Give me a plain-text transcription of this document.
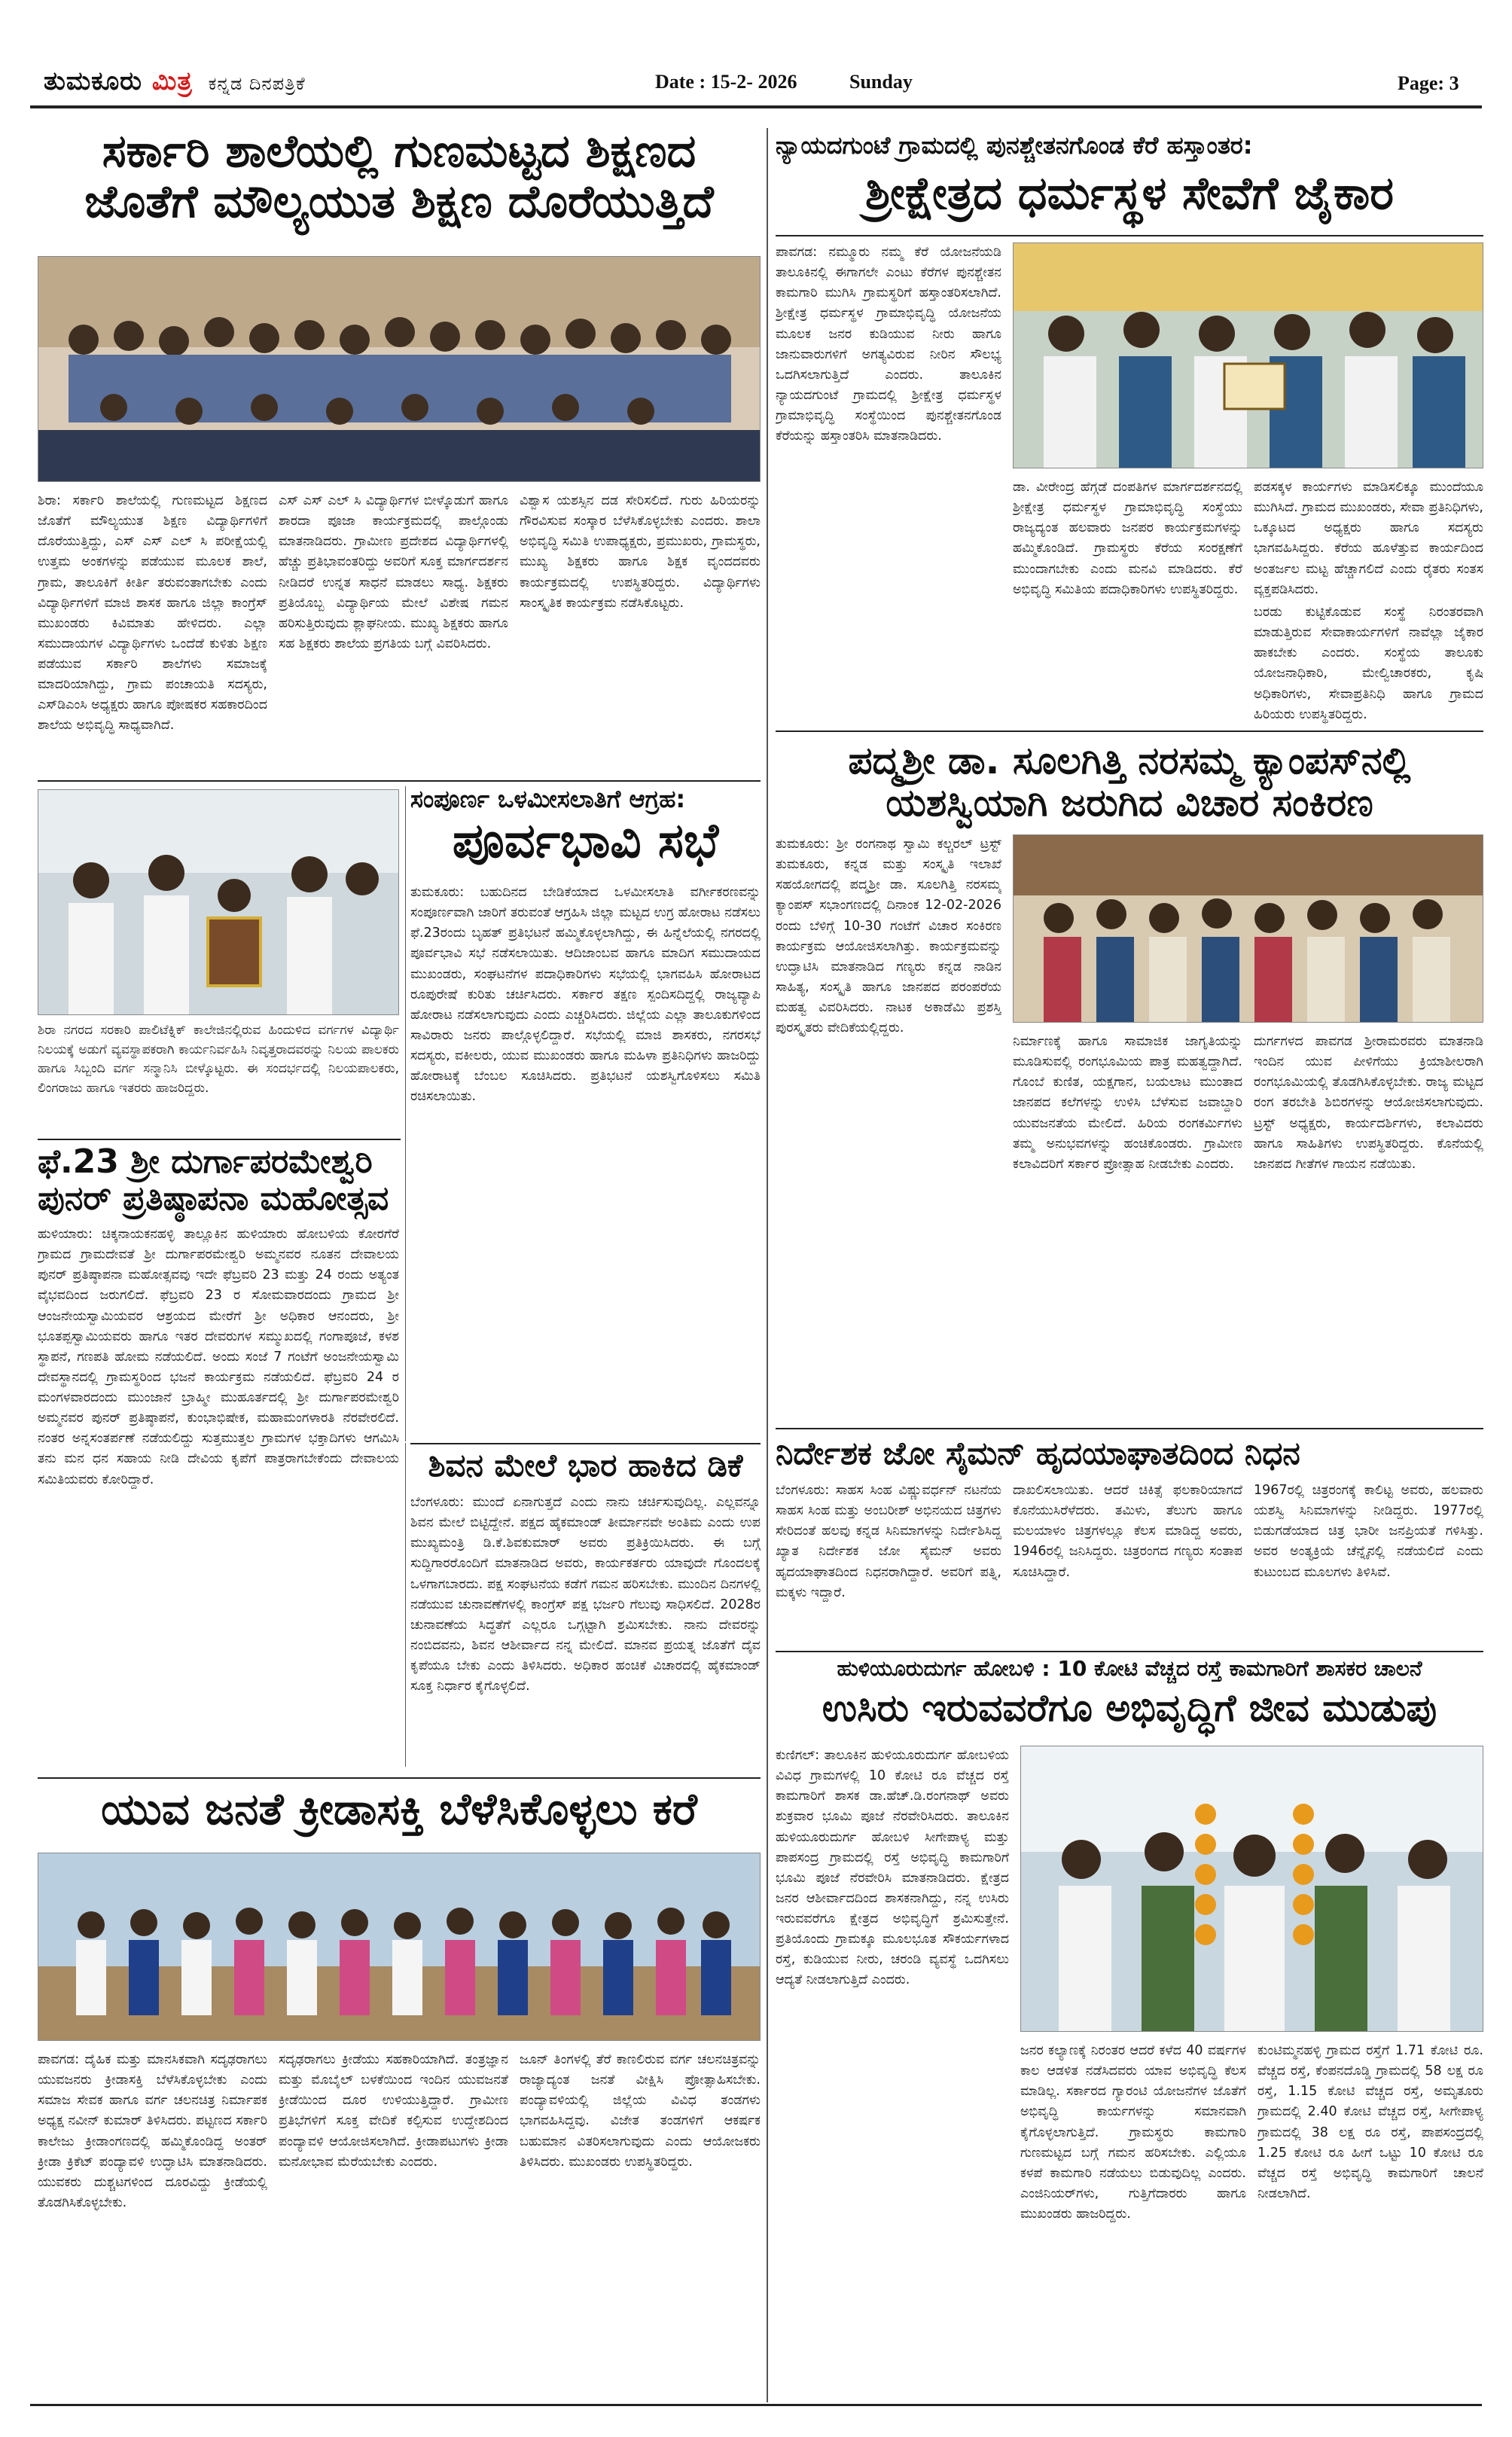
ತುಮಕೂರು ಮಿತ್ರ ಕನ್ನಡ ದಿನಪತ್ರಿಕೆ	Date : 15-2- 2026	Sunday	Page: 3
ಸರ್ಕಾರಿ ಶಾಲೆಯಲ್ಲಿ ಗುಣಮಟ್ಟದ ಶಿಕ್ಷಣದ
ಜೊತೆಗೆ ಮೌಲ್ಯಯುತ ಶಿಕ್ಷಣ ದೊರೆಯುತ್ತಿದೆ
ಶಿರಾ: ಸರ್ಕಾರಿ ಶಾಲೆಯಲ್ಲಿ ಗುಣಮಟ್ಟದ ಶಿಕ್ಷಣದ ಜೊತೆಗೆ ಮೌಲ್ಯಯುತ ಶಿಕ್ಷಣ ವಿದ್ಯಾರ್ಥಿಗಳಿಗೆ ದೊರೆಯುತ್ತಿದ್ದು, ಎಸ್ ಎಸ್ ಎಲ್ ಸಿ ಪರೀಕ್ಷೆಯಲ್ಲಿ ಉತ್ತಮ ಅಂಕಗಳನ್ನು ಪಡೆಯುವ ಮೂಲಕ ಶಾಲೆ, ಗ್ರಾಮ, ತಾಲೂಕಿಗೆ ಕೀರ್ತಿ ತರುವಂತಾಗಬೇಕು ಎಂದು ವಿದ್ಯಾರ್ಥಿಗಳಿಗೆ ಮಾಜಿ ಶಾಸಕ ಹಾಗೂ ಜಿಲ್ಲಾ ಕಾಂಗ್ರೆಸ್ ಮುಖಂಡರು ಕಿವಿಮಾತು ಹೇಳಿದರು. ಎಲ್ಲಾ ಸಮುದಾಯಗಳ ವಿದ್ಯಾರ್ಥಿಗಳು ಒಂದೆಡೆ ಕುಳಿತು ಶಿಕ್ಷಣ ಪಡೆಯುವ ಸರ್ಕಾರಿ ಶಾಲೆಗಳು ಸಮಾಜಕ್ಕೆ ಮಾದರಿಯಾಗಿದ್ದು, ಗ್ರಾಮ ಪಂಚಾಯತಿ ಸದಸ್ಯರು, ಎಸ್‌ಡಿಎಂಸಿ ಅಧ್ಯಕ್ಷರು ಹಾಗೂ ಪೋಷಕರ ಸಹಕಾರದಿಂದ ಶಾಲೆಯ ಅಭಿವೃದ್ಧಿ ಸಾಧ್ಯವಾಗಿದೆ.
ಎಸ್ ಎಸ್ ಎಲ್ ಸಿ ವಿದ್ಯಾರ್ಥಿಗಳ ಬೀಳ್ಕೊಡುಗೆ ಹಾಗೂ ಶಾರದಾ ಪೂಜಾ ಕಾರ್ಯಕ್ರಮದಲ್ಲಿ ಪಾಲ್ಗೊಂಡು ಮಾತನಾಡಿದರು. ಗ್ರಾಮೀಣ ಪ್ರದೇಶದ ವಿದ್ಯಾರ್ಥಿಗಳಲ್ಲಿ ಹೆಚ್ಚು ಪ್ರತಿಭಾವಂತರಿದ್ದು ಅವರಿಗೆ ಸೂಕ್ತ ಮಾರ್ಗದರ್ಶನ ನೀಡಿದರೆ ಉನ್ನತ ಸಾಧನೆ ಮಾಡಲು ಸಾಧ್ಯ. ಶಿಕ್ಷಕರು ಪ್ರತಿಯೊಬ್ಬ ವಿದ್ಯಾರ್ಥಿಯ ಮೇಲೆ ವಿಶೇಷ ಗಮನ ಹರಿಸುತ್ತಿರುವುದು ಶ್ಲಾಘನೀಯ. ಮುಖ್ಯ ಶಿಕ್ಷಕರು ಹಾಗೂ ಸಹ ಶಿಕ್ಷಕರು ಶಾಲೆಯ ಪ್ರಗತಿಯ ಬಗ್ಗೆ ವಿವರಿಸಿದರು.
ವಿಶ್ವಾಸ ಯಶಸ್ಸಿನ ದಡ ಸೇರಿಸಲಿದೆ. ಗುರು ಹಿರಿಯರನ್ನು ಗೌರವಿಸುವ ಸಂಸ್ಕಾರ ಬೆಳೆಸಿಕೊಳ್ಳಬೇಕು ಎಂದರು. ಶಾಲಾ ಅಭಿವೃದ್ಧಿ ಸಮಿತಿ ಉಪಾಧ್ಯಕ್ಷರು, ಪ್ರಮುಖರು, ಗ್ರಾಮಸ್ಥರು, ಮುಖ್ಯ ಶಿಕ್ಷಕರು ಹಾಗೂ ಶಿಕ್ಷಕ ವೃಂದದವರು ಕಾರ್ಯಕ್ರಮದಲ್ಲಿ ಉಪಸ್ಥಿತರಿದ್ದರು. ವಿದ್ಯಾರ್ಥಿಗಳು ಸಾಂಸ್ಕೃತಿಕ ಕಾರ್ಯಕ್ರಮ ನಡೆಸಿಕೊಟ್ಟರು.
ನ್ಯಾಯದಗುಂಟೆ ಗ್ರಾಮದಲ್ಲಿ ಪುನಶ್ಚೇತನಗೊಂಡ ಕೆರೆ ಹಸ್ತಾಂತರ:
ಶ್ರೀಕ್ಷೇತ್ರದ ಧರ್ಮಸ್ಥಳ ಸೇವೆಗೆ ಜೈಕಾರ
ಪಾವಗಡ: ನಮ್ಮೂರು ನಮ್ಮ ಕೆರೆ ಯೋಜನೆಯಡಿ ತಾಲೂಕಿನಲ್ಲಿ ಈಗಾಗಲೇ ಎಂಟು ಕೆರೆಗಳ ಪುನಶ್ಚೇತನ ಕಾಮಗಾರಿ ಮುಗಿಸಿ ಗ್ರಾಮಸ್ಥರಿಗೆ ಹಸ್ತಾಂತರಿಸಲಾಗಿದೆ. ಶ್ರೀಕ್ಷೇತ್ರ ಧರ್ಮಸ್ಥಳ ಗ್ರಾಮಾಭಿವೃದ್ಧಿ ಯೋಜನೆಯ ಮೂಲಕ ಜನರ ಕುಡಿಯುವ ನೀರು ಹಾಗೂ ಜಾನುವಾರುಗಳಿಗೆ ಅಗತ್ಯವಿರುವ ನೀರಿನ ಸೌಲಭ್ಯ ಒದಗಿಸಲಾಗುತ್ತಿದೆ ಎಂದರು. ತಾಲೂಕಿನ ನ್ಯಾಯದಗುಂಟೆ ಗ್ರಾಮದಲ್ಲಿ ಶ್ರೀಕ್ಷೇತ್ರ ಧರ್ಮಸ್ಥಳ ಗ್ರಾಮಾಭಿವೃದ್ಧಿ ಸಂಸ್ಥೆಯಿಂದ ಪುನಶ್ಚೇತನಗೊಂಡ ಕೆರೆಯನ್ನು ಹಸ್ತಾಂತರಿಸಿ ಮಾತನಾಡಿದರು.
ಡಾ. ವೀರೇಂದ್ರ ಹೆಗ್ಗಡೆ ದಂಪತಿಗಳ ಮಾರ್ಗದರ್ಶನದಲ್ಲಿ ಶ್ರೀಕ್ಷೇತ್ರ ಧರ್ಮಸ್ಥಳ ಗ್ರಾಮಾಭಿವೃದ್ಧಿ ಸಂಸ್ಥೆಯು ರಾಜ್ಯದ್ಯಂತ ಹಲವಾರು ಜನಪರ ಕಾರ್ಯಕ್ರಮಗಳನ್ನು ಹಮ್ಮಿಕೊಂಡಿದೆ. ಗ್ರಾಮಸ್ಥರು ಕೆರೆಯ ಸಂರಕ್ಷಣೆಗೆ ಮುಂದಾಗಬೇಕು ಎಂದು ಮನವಿ ಮಾಡಿದರು. ಕೆರೆ ಅಭಿವೃದ್ಧಿ ಸಮಿತಿಯ ಪದಾಧಿಕಾರಿಗಳು ಉಪಸ್ಥಿತರಿದ್ದರು.
ಪಡಸಕ್ಕಳ ಕಾರ್ಯಗಳು ಮಾಡಿಸಲಿಕ್ಕೂ ಮುಂದೆಯೂ ಮುಗಿಸಿದೆ. ಗ್ರಾಮದ ಮುಖಂಡರು, ಸೇವಾ ಪ್ರತಿನಿಧಿಗಳು, ಒಕ್ಕೂಟದ ಅಧ್ಯಕ್ಷರು ಹಾಗೂ ಸದಸ್ಯರು ಭಾಗವಹಿಸಿದ್ದರು. ಕೆರೆಯ ಹೂಳೆತ್ತುವ ಕಾರ್ಯದಿಂದ ಅಂತರ್ಜಲ ಮಟ್ಟ ಹೆಚ್ಚಾಗಲಿದೆ ಎಂದು ರೈತರು ಸಂತಸ ವ್ಯಕ್ತಪಡಿಸಿದರು.
ಬರಡು ಕುಟ್ಟಿಕೊಡುವ ಸಂಸ್ಥೆ ನಿರಂತರವಾಗಿ ಮಾಡುತ್ತಿರುವ ಸೇವಾಕಾರ್ಯಗಳಿಗೆ ನಾವೆಲ್ಲಾ ಜೈಕಾರ ಹಾಕಬೇಕು ಎಂದರು. ಸಂಸ್ಥೆಯ ತಾಲೂಕು ಯೋಜನಾಧಿಕಾರಿ, ಮೇಲ್ವಿಚಾರಕರು, ಕೃಷಿ ಅಧಿಕಾರಿಗಳು, ಸೇವಾಪ್ರತಿನಿಧಿ ಹಾಗೂ ಗ್ರಾಮದ ಹಿರಿಯರು ಉಪಸ್ಥಿತರಿದ್ದರು.
ಪದ್ಮಶ್ರೀ ಡಾ. ಸೂಲಗಿತ್ತಿ ನರಸಮ್ಮ ಕ್ಯಾಂಪಸ್‌ನಲ್ಲಿ
ಯಶಸ್ವಿಯಾಗಿ ಜರುಗಿದ ವಿಚಾರ ಸಂಕಿರಣ
ತುಮಕೂರು: ಶ್ರೀ ರಂಗನಾಥ ಸ್ವಾಮಿ ಕಲ್ಚರಲ್ ಟ್ರಸ್ಟ್ ತುಮಕೂರು, ಕನ್ನಡ ಮತ್ತು ಸಂಸ್ಕೃತಿ ಇಲಾಖೆ ಸಹಯೋಗದಲ್ಲಿ ಪದ್ಮಶ್ರೀ ಡಾ. ಸೂಲಗಿತ್ತಿ ನರಸಮ್ಮ ಕ್ಯಾಂಪಸ್ ಸಭಾಂಗಣದಲ್ಲಿ ದಿನಾಂಕ 12-02-2026 ರಂದು ಬೆಳಿಗ್ಗೆ 10-30 ಗಂಟೆಗೆ ವಿಚಾರ ಸಂಕಿರಣ ಕಾರ್ಯಕ್ರಮ ಆಯೋಜಿಸಲಾಗಿತ್ತು. ಕಾರ್ಯಕ್ರಮವನ್ನು ಉದ್ಘಾಟಿಸಿ ಮಾತನಾಡಿದ ಗಣ್ಯರು ಕನ್ನಡ ನಾಡಿನ ಸಾಹಿತ್ಯ, ಸಂಸ್ಕೃತಿ ಹಾಗೂ ಜಾನಪದ ಪರಂಪರೆಯ ಮಹತ್ವ ವಿವರಿಸಿದರು. ನಾಟಕ ಅಕಾಡೆಮಿ ಪ್ರಶಸ್ತಿ ಪುರಸ್ಕೃತರು ವೇದಿಕೆಯಲ್ಲಿದ್ದರು.
ನಿರ್ಮಾಣಕ್ಕೆ ಹಾಗೂ ಸಾಮಾಜಿಕ ಜಾಗೃತಿಯನ್ನು ಮೂಡಿಸುವಲ್ಲಿ ರಂಗಭೂಮಿಯ ಪಾತ್ರ ಮಹತ್ವದ್ದಾಗಿದೆ. ಗೊಂಬೆ ಕುಣಿತ, ಯಕ್ಷಗಾನ, ಬಯಲಾಟ ಮುಂತಾದ ಜಾನಪದ ಕಲೆಗಳನ್ನು ಉಳಿಸಿ ಬೆಳೆಸುವ ಜವಾಬ್ದಾರಿ ಯುವಜನತೆಯ ಮೇಲಿದೆ. ಹಿರಿಯ ರಂಗಕರ್ಮಿಗಳು ತಮ್ಮ ಅನುಭವಗಳನ್ನು ಹಂಚಿಕೊಂಡರು. ಗ್ರಾಮೀಣ ಕಲಾವಿದರಿಗೆ ಸರ್ಕಾರ ಪ್ರೋತ್ಸಾಹ ನೀಡಬೇಕು ಎಂದರು.
ದುರ್ಗಗಳದ ಪಾವಗಡ ಶ್ರೀರಾಮರವರು ಮಾತನಾಡಿ ಇಂದಿನ ಯುವ ಪೀಳಿಗೆಯು ಕ್ರಿಯಾಶೀಲರಾಗಿ ರಂಗಭೂಮಿಯಲ್ಲಿ ತೊಡಗಿಸಿಕೊಳ್ಳಬೇಕು. ರಾಜ್ಯ ಮಟ್ಟದ ರಂಗ ತರಬೇತಿ ಶಿಬಿರಗಳನ್ನು ಆಯೋಜಿಸಲಾಗುವುದು. ಟ್ರಸ್ಟ್ ಅಧ್ಯಕ್ಷರು, ಕಾರ್ಯದರ್ಶಿಗಳು, ಕಲಾವಿದರು ಹಾಗೂ ಸಾಹಿತಿಗಳು ಉಪಸ್ಥಿತರಿದ್ದರು. ಕೊನೆಯಲ್ಲಿ ಜಾನಪದ ಗೀತೆಗಳ ಗಾಯನ ನಡೆಯಿತು.
ಶಿರಾ ನಗರದ ಸರಕಾರಿ ಪಾಲಿಟೆಕ್ನಿಕ್ ಕಾಲೇಜಿನಲ್ಲಿರುವ ಹಿಂದುಳಿದ ವರ್ಗಗಳ ವಿದ್ಯಾರ್ಥಿ ನಿಲಯಕ್ಕೆ ಅಡುಗೆ ವ್ಯವಸ್ಥಾಪಕರಾಗಿ ಕಾರ್ಯನಿರ್ವಹಿಸಿ ನಿವೃತ್ತರಾದವರನ್ನು ನಿಲಯ ಪಾಲಕರು ಹಾಗೂ ಸಿಬ್ಬಂದಿ ವರ್ಗ ಸನ್ಮಾನಿಸಿ ಬೀಳ್ಕೊಟ್ಟರು. ಈ ಸಂದರ್ಭದಲ್ಲಿ ನಿಲಯಪಾಲಕರು, ಲಿಂಗರಾಜು ಹಾಗೂ ಇತರರು ಹಾಜರಿದ್ದರು.
ಸಂಪೂರ್ಣ ಒಳಮೀಸಲಾತಿಗೆ ಆಗ್ರಹ:
ಪೂರ್ವಭಾವಿ ಸಭೆ
ತುಮಕೂರು: ಬಹುದಿನದ ಬೇಡಿಕೆಯಾದ ಒಳಮೀಸಲಾತಿ ವರ್ಗೀಕರಣವನ್ನು ಸಂಪೂರ್ಣವಾಗಿ ಜಾರಿಗೆ ತರುವಂತೆ ಆಗ್ರಹಿಸಿ ಜಿಲ್ಲಾ ಮಟ್ಟದ ಉಗ್ರ ಹೋರಾಟ ನಡೆಸಲು ಫೆ.23ರಂದು ಬೃಹತ್ ಪ್ರತಿಭಟನೆ ಹಮ್ಮಿಕೊಳ್ಳಲಾಗಿದ್ದು, ಈ ಹಿನ್ನೆಲೆಯಲ್ಲಿ ನಗರದಲ್ಲಿ ಪೂರ್ವಭಾವಿ ಸಭೆ ನಡೆಸಲಾಯಿತು. ಆದಿಜಾಂಬವ ಹಾಗೂ ಮಾದಿಗ ಸಮುದಾಯದ ಮುಖಂಡರು, ಸಂಘಟನೆಗಳ ಪದಾಧಿಕಾರಿಗಳು ಸಭೆಯಲ್ಲಿ ಭಾಗವಹಿಸಿ ಹೋರಾಟದ ರೂಪುರೇಷೆ ಕುರಿತು ಚರ್ಚಿಸಿದರು. ಸರ್ಕಾರ ತಕ್ಷಣ ಸ್ಪಂದಿಸದಿದ್ದಲ್ಲಿ ರಾಜ್ಯವ್ಯಾಪಿ ಹೋರಾಟ ನಡೆಸಲಾಗುವುದು ಎಂದು ಎಚ್ಚರಿಸಿದರು. ಜಿಲ್ಲೆಯ ಎಲ್ಲಾ ತಾಲೂಕುಗಳಿಂದ ಸಾವಿರಾರು ಜನರು ಪಾಲ್ಗೊಳ್ಳಲಿದ್ದಾರೆ. ಸಭೆಯಲ್ಲಿ ಮಾಜಿ ಶಾಸಕರು, ನಗರಸಭೆ ಸದಸ್ಯರು, ವಕೀಲರು, ಯುವ ಮುಖಂಡರು ಹಾಗೂ ಮಹಿಳಾ ಪ್ರತಿನಿಧಿಗಳು ಹಾಜರಿದ್ದು ಹೋರಾಟಕ್ಕೆ ಬೆಂಬಲ ಸೂಚಿಸಿದರು. ಪ್ರತಿಭಟನೆ ಯಶಸ್ವಿಗೊಳಿಸಲು ಸಮಿತಿ ರಚಿಸಲಾಯಿತು.
ಫೆ.23 ಶ್ರೀ ದುರ್ಗಾಪರಮೇಶ್ವರಿ
ಪುನರ್ ಪ್ರತಿಷ್ಠಾಪನಾ ಮಹೋತ್ಸವ
ಹುಳಿಯಾರು: ಚಿಕ್ಕನಾಯಕನಹಳ್ಳಿ ತಾಲ್ಲೂಕಿನ ಹುಳಿಯಾರು ಹೋಬಳಿಯ ಕೋರಗೆರೆ ಗ್ರಾಮದ ಗ್ರಾಮದೇವತೆ ಶ್ರೀ ದುರ್ಗಾಪರಮೇಶ್ವರಿ ಅಮ್ಮನವರ ನೂತನ ದೇವಾಲಯ ಪುನರ್ ಪ್ರತಿಷ್ಠಾಪನಾ ಮಹೋತ್ಸವವು ಇದೇ ಫೆಬ್ರವರಿ 23 ಮತ್ತು 24 ರಂದು ಅತ್ಯಂತ ವೈಭವದಿಂದ ಜರುಗಲಿದೆ. ಫೆಬ್ರವರಿ 23 ರ ಸೋಮವಾರದಂದು ಗ್ರಾಮದ ಶ್ರೀ ಆಂಜನೇಯಸ್ವಾಮಿಯವರ ಆಶ್ರಯದ ಮೇರೆಗೆ ಶ್ರೀ ಅಧಿಕಾರ ಆನಂದರು, ಶ್ರೀ ಭೂತಪ್ಪಸ್ವಾಮಿಯವರು ಹಾಗೂ ಇತರ ದೇವರುಗಳ ಸಮ್ಮುಖದಲ್ಲಿ ಗಂಗಾಪೂಜೆ, ಕಳಶ ಸ್ಥಾಪನೆ, ಗಣಪತಿ ಹೋಮ ನಡೆಯಲಿದೆ. ಅಂದು ಸಂಜೆ 7 ಗಂಟೆಗೆ ಅಂಜನೇಯಸ್ವಾಮಿ ದೇವಸ್ಥಾನದಲ್ಲಿ ಗ್ರಾಮಸ್ಥರಿಂದ ಭಜನೆ ಕಾರ್ಯಕ್ರಮ ನಡೆಯಲಿದೆ. ಫೆಬ್ರವರಿ 24 ರ ಮಂಗಳವಾರದಂದು ಮುಂಜಾನೆ ಬ್ರಾಹ್ಮೀ ಮುಹೂರ್ತದಲ್ಲಿ ಶ್ರೀ ದುರ್ಗಾಪರಮೇಶ್ವರಿ ಅಮ್ಮನವರ ಪುನರ್ ಪ್ರತಿಷ್ಠಾಪನೆ, ಕುಂಭಾಭಿಷೇಕ, ಮಹಾಮಂಗಳಾರತಿ ನೆರವೇರಲಿದೆ. ನಂತರ ಅನ್ನಸಂತರ್ಪಣೆ ನಡೆಯಲಿದ್ದು ಸುತ್ತಮುತ್ತಲ ಗ್ರಾಮಗಳ ಭಕ್ತಾದಿಗಳು ಆಗಮಿಸಿ ತನು ಮನ ಧನ ಸಹಾಯ ನೀಡಿ ದೇವಿಯ ಕೃಪೆಗೆ ಪಾತ್ರರಾಗಬೇಕೆಂದು ದೇವಾಲಯ ಸಮಿತಿಯವರು ಕೋರಿದ್ದಾರೆ.	ಶಿವನ ಮೇಲೆ ಭಾರ ಹಾಕಿದ ಡಿಕೆ
ಬೆಂಗಳೂರು: ಮುಂದೆ ಏನಾಗುತ್ತದೆ ಎಂದು ನಾನು ಚರ್ಚಿಸುವುದಿಲ್ಲ. ಎಲ್ಲವನ್ನೂ ಶಿವನ ಮೇಲೆ ಬಿಟ್ಟಿದ್ದೇನೆ. ಪಕ್ಷದ ಹೈಕಮಾಂಡ್ ತೀರ್ಮಾನವೇ ಅಂತಿಮ ಎಂದು ಉಪ ಮುಖ್ಯಮಂತ್ರಿ ಡಿ.ಕೆ.ಶಿವಕುಮಾರ್ ಅವರು ಪ್ರತಿಕ್ರಿಯಿಸಿದರು. ಈ ಬಗ್ಗೆ ಸುದ್ದಿಗಾರರೊಂದಿಗೆ ಮಾತನಾಡಿದ ಅವರು, ಕಾರ್ಯಕರ್ತರು ಯಾವುದೇ ಗೊಂದಲಕ್ಕೆ ಒಳಗಾಗಬಾರದು. ಪಕ್ಷ ಸಂಘಟನೆಯ ಕಡೆಗೆ ಗಮನ ಹರಿಸಬೇಕು. ಮುಂದಿನ ದಿನಗಳಲ್ಲಿ ನಡೆಯುವ ಚುನಾವಣೆಗಳಲ್ಲಿ ಕಾಂಗ್ರೆಸ್ ಪಕ್ಷ ಭರ್ಜರಿ ಗೆಲುವು ಸಾಧಿಸಲಿದೆ. 2028ರ ಚುನಾವಣೆಯ ಸಿದ್ಧತೆಗೆ ಎಲ್ಲರೂ ಒಗ್ಗಟ್ಟಾಗಿ ಶ್ರಮಿಸಬೇಕು. ನಾನು ದೇವರನ್ನು ನಂಬಿದವನು, ಶಿವನ ಆಶೀರ್ವಾದ ನನ್ನ ಮೇಲಿದೆ. ಮಾನವ ಪ್ರಯತ್ನ ಜೊತೆಗೆ ದೈವ ಕೃಪೆಯೂ ಬೇಕು ಎಂದು ತಿಳಿಸಿದರು. ಅಧಿಕಾರ ಹಂಚಿಕೆ ವಿಚಾರದಲ್ಲಿ ಹೈಕಮಾಂಡ್ ಸೂಕ್ತ ನಿರ್ಧಾರ ಕೈಗೊಳ್ಳಲಿದೆ.
ನಿರ್ದೇಶಕ ಜೋ ಸೈಮನ್ ಹೃದಯಾಘಾತದಿಂದ ನಿಧನ
ಬೆಂಗಳೂರು: ಸಾಹಸ ಸಿಂಹ ವಿಷ್ಣುವರ್ಧನ್ ನಟನೆಯ ಸಾಹಸ ಸಿಂಹ ಮತ್ತು ಅಂಬರೀಶ್ ಅಭಿನಯದ ಚಿತ್ರಗಳು ಸೇರಿದಂತೆ ಹಲವು ಕನ್ನಡ ಸಿನಿಮಾಗಳನ್ನು ನಿರ್ದೇಶಿಸಿದ್ದ ಖ್ಯಾತ ನಿರ್ದೇಶಕ ಜೋ ಸೈಮನ್ ಅವರು ಹೃದಯಾಘಾತದಿಂದ ನಿಧನರಾಗಿದ್ದಾರೆ. ಅವರಿಗೆ ಪತ್ನಿ, ಮಕ್ಕಳು ಇದ್ದಾರೆ.
ದಾಖಲಿಸಲಾಯಿತು. ಆದರೆ ಚಿಕಿತ್ಸೆ ಫಲಕಾರಿಯಾಗದೆ ಕೊನೆಯುಸಿರೆಳೆದರು. ತಮಿಳು, ತೆಲುಗು ಹಾಗೂ ಮಲಯಾಳಂ ಚಿತ್ರಗಳಲ್ಲೂ ಕೆಲಸ ಮಾಡಿದ್ದ ಅವರು, 1946ರಲ್ಲಿ ಜನಿಸಿದ್ದರು. ಚಿತ್ರರಂಗದ ಗಣ್ಯರು ಸಂತಾಪ ಸೂಚಿಸಿದ್ದಾರೆ.
1967ರಲ್ಲಿ ಚಿತ್ರರಂಗಕ್ಕೆ ಕಾಲಿಟ್ಟ ಅವರು, ಹಲವಾರು ಯಶಸ್ವಿ ಸಿನಿಮಾಗಳನ್ನು ನೀಡಿದ್ದರು. 1977ರಲ್ಲಿ ಬಿಡುಗಡೆಯಾದ ಚಿತ್ರ ಭಾರೀ ಜನಪ್ರಿಯತೆ ಗಳಿಸಿತ್ತು. ಅವರ ಅಂತ್ಯಕ್ರಿಯೆ ಚೆನ್ನೈನಲ್ಲಿ ನಡೆಯಲಿದೆ ಎಂದು ಕುಟುಂಬದ ಮೂಲಗಳು ತಿಳಿಸಿವೆ.
ಹುಳಿಯೂರುದುರ್ಗ ಹೋಬಳಿ : 10 ಕೋಟಿ ವೆಚ್ಚದ ರಸ್ತೆ ಕಾಮಗಾರಿಗೆ ಶಾಸಕರ ಚಾಲನೆ
ಉಸಿರು ಇರುವವರೆಗೂ ಅಭಿವೃದ್ಧಿಗೆ ಜೀವ ಮುಡುಪು
ಕುಣಿಗಲ್: ತಾಲೂಕಿನ ಹುಳಿಯೂರುದುರ್ಗ ಹೋಬಳಿಯ ವಿವಿಧ ಗ್ರಾಮಗಳಲ್ಲಿ 10 ಕೋಟಿ ರೂ ವೆಚ್ಚದ ರಸ್ತೆ ಕಾಮಗಾರಿಗೆ ಶಾಸಕ ಡಾ.ಹೆಚ್.ಡಿ.ರಂಗನಾಥ್ ಅವರು ಶುಕ್ರವಾರ ಭೂಮಿ ಪೂಜೆ ನೆರವೇರಿಸಿದರು. ತಾಲೂಕಿನ ಹುಳಿಯೂರುದುರ್ಗ ಹೋಬಳಿ ಸೀಗೇಪಾಳ್ಯ ಮತ್ತು ಪಾಪಸಂದ್ರ ಗ್ರಾಮದಲ್ಲಿ ರಸ್ತೆ ಅಭಿವೃದ್ಧಿ ಕಾಮಗಾರಿಗೆ ಭೂಮಿ ಪೂಜೆ ನೆರವೇರಿಸಿ ಮಾತನಾಡಿದರು. ಕ್ಷೇತ್ರದ ಜನರ ಆಶೀರ್ವಾದದಿಂದ ಶಾಸಕನಾಗಿದ್ದು, ನನ್ನ ಉಸಿರು ಇರುವವರೆಗೂ ಕ್ಷೇತ್ರದ ಅಭಿವೃದ್ಧಿಗೆ ಶ್ರಮಿಸುತ್ತೇನೆ. ಪ್ರತಿಯೊಂದು ಗ್ರಾಮಕ್ಕೂ ಮೂಲಭೂತ ಸೌಕರ್ಯಗಳಾದ ರಸ್ತೆ, ಕುಡಿಯುವ ನೀರು, ಚರಂಡಿ ವ್ಯವಸ್ಥೆ ಒದಗಿಸಲು ಆದ್ಯತೆ ನೀಡಲಾಗುತ್ತಿದೆ ಎಂದರು.
ಜನರ ಕಲ್ಯಾಣಕ್ಕೆ ನಿರಂತರ ಆದರೆ ಕಳೆದ 40 ವರ್ಷಗಳ ಕಾಲ ಆಡಳಿತ ನಡೆಸಿದವರು ಯಾವ ಅಭಿವೃದ್ಧಿ ಕೆಲಸ ಮಾಡಿಲ್ಲ. ಸರ್ಕಾರದ ಗ್ಯಾರಂಟಿ ಯೋಜನೆಗಳ ಜೊತೆಗೆ ಅಭಿವೃದ್ಧಿ ಕಾರ್ಯಗಳನ್ನು ಸಮಾನವಾಗಿ ಕೈಗೊಳ್ಳಲಾಗುತ್ತಿದೆ. ಗ್ರಾಮಸ್ಥರು ಕಾಮಗಾರಿ ಗುಣಮಟ್ಟದ ಬಗ್ಗೆ ಗಮನ ಹರಿಸಬೇಕು. ಎಲ್ಲಿಯೂ ಕಳಪೆ ಕಾಮಗಾರಿ ನಡೆಯಲು ಬಿಡುವುದಿಲ್ಲ ಎಂದರು. ಎಂಜಿನಿಯರ್‌ಗಳು, ಗುತ್ತಿಗೆದಾರರು ಹಾಗೂ ಮುಖಂಡರು ಹಾಜರಿದ್ದರು.
ಕುಂಟಿಮ್ಮನಹಳ್ಳಿ ಗ್ರಾಮದ ರಸ್ತೆಗೆ 1.71 ಕೋಟಿ ರೂ. ವೆಚ್ಚದ ರಸ್ತೆ, ಕೆಂಪನದೊಡ್ಡಿ ಗ್ರಾಮದಲ್ಲಿ 58 ಲಕ್ಷ ರೂ ರಸ್ತೆ, 1.15 ಕೋಟಿ ವೆಚ್ಚದ ರಸ್ತೆ, ಅಮೃತೂರು ಗ್ರಾಮದಲ್ಲಿ 2.40 ಕೋಟಿ ವೆಚ್ಚದ ರಸ್ತೆ, ಸೀಗೇಪಾಳ್ಯ ಗ್ರಾಮದಲ್ಲಿ 38 ಲಕ್ಷ ರೂ ರಸ್ತೆ, ಪಾಪಸಂದ್ರದಲ್ಲಿ 1.25 ಕೋಟಿ ರೂ ಹೀಗೆ ಒಟ್ಟು 10 ಕೋಟಿ ರೂ ವೆಚ್ಚದ ರಸ್ತೆ ಅಭಿವೃದ್ಧಿ ಕಾಮಗಾರಿಗೆ ಚಾಲನೆ ನೀಡಲಾಗಿದೆ.
ಯುವ ಜನತೆ ಕ್ರೀಡಾಸಕ್ತಿ ಬೆಳೆಸಿಕೊಳ್ಳಲು ಕರೆ
ಪಾವಗಡ: ದೈಹಿಕ ಮತ್ತು ಮಾನಸಿಕವಾಗಿ ಸದೃಢರಾಗಲು ಯುವಜನರು ಕ್ರೀಡಾಸಕ್ತಿ ಬೆಳೆಸಿಕೊಳ್ಳಬೇಕು ಎಂದು ಸಮಾಜ ಸೇವಕ ಹಾಗೂ ವರ್ಗ ಚಲನಚಿತ್ರ ನಿರ್ಮಾಪಕ ಅಧ್ಯಕ್ಷ ನವೀನ್ ಕುಮಾರ್ ತಿಳಿಸಿದರು. ಪಟ್ಟಣದ ಸರ್ಕಾರಿ ಕಾಲೇಜು ಕ್ರೀಡಾಂಗಣದಲ್ಲಿ ಹಮ್ಮಿಕೊಂಡಿದ್ದ ಅಂತರ್ ಕ್ರೀಡಾ ಕ್ರಿಕೆಟ್ ಪಂದ್ಯಾವಳಿ ಉದ್ಘಾಟಿಸಿ ಮಾತನಾಡಿದರು. ಯುವಕರು ದುಶ್ಚಟಗಳಿಂದ ದೂರವಿದ್ದು ಕ್ರೀಡೆಯಲ್ಲಿ ತೊಡಗಿಸಿಕೊಳ್ಳಬೇಕು.
ಸದೃಢರಾಗಲು ಕ್ರೀಡೆಯು ಸಹಕಾರಿಯಾಗಿದೆ. ತಂತ್ರಜ್ಞಾನ ಮತ್ತು ಮೊಬೈಲ್ ಬಳಕೆಯಿಂದ ಇಂದಿನ ಯುವಜನತೆ ಕ್ರೀಡೆಯಿಂದ ದೂರ ಉಳಿಯುತ್ತಿದ್ದಾರೆ. ಗ್ರಾಮೀಣ ಪ್ರತಿಭೆಗಳಿಗೆ ಸೂಕ್ತ ವೇದಿಕೆ ಕಲ್ಪಿಸುವ ಉದ್ದೇಶದಿಂದ ಪಂದ್ಯಾವಳಿ ಆಯೋಜಿಸಲಾಗಿದೆ. ಕ್ರೀಡಾಪಟುಗಳು ಕ್ರೀಡಾ ಮನೋಭಾವ ಮೆರೆಯಬೇಕು ಎಂದರು.
ಜೂನ್ ತಿಂಗಳಲ್ಲಿ ತೆರೆ ಕಾಣಲಿರುವ ವರ್ಗ ಚಲನಚಿತ್ರವನ್ನು ರಾಜ್ಯಾದ್ಯಂತ ಜನತೆ ವೀಕ್ಷಿಸಿ ಪ್ರೋತ್ಸಾಹಿಸಬೇಕು. ಪಂದ್ಯಾವಳಿಯಲ್ಲಿ ಜಿಲ್ಲೆಯ ವಿವಿಧ ತಂಡಗಳು ಭಾಗವಹಿಸಿದ್ದವು. ವಿಜೇತ ತಂಡಗಳಿಗೆ ಆಕರ್ಷಕ ಬಹುಮಾನ ವಿತರಿಸಲಾಗುವುದು ಎಂದು ಆಯೋಜಕರು ತಿಳಿಸಿದರು. ಮುಖಂಡರು ಉಪಸ್ಥಿತರಿದ್ದರು.
